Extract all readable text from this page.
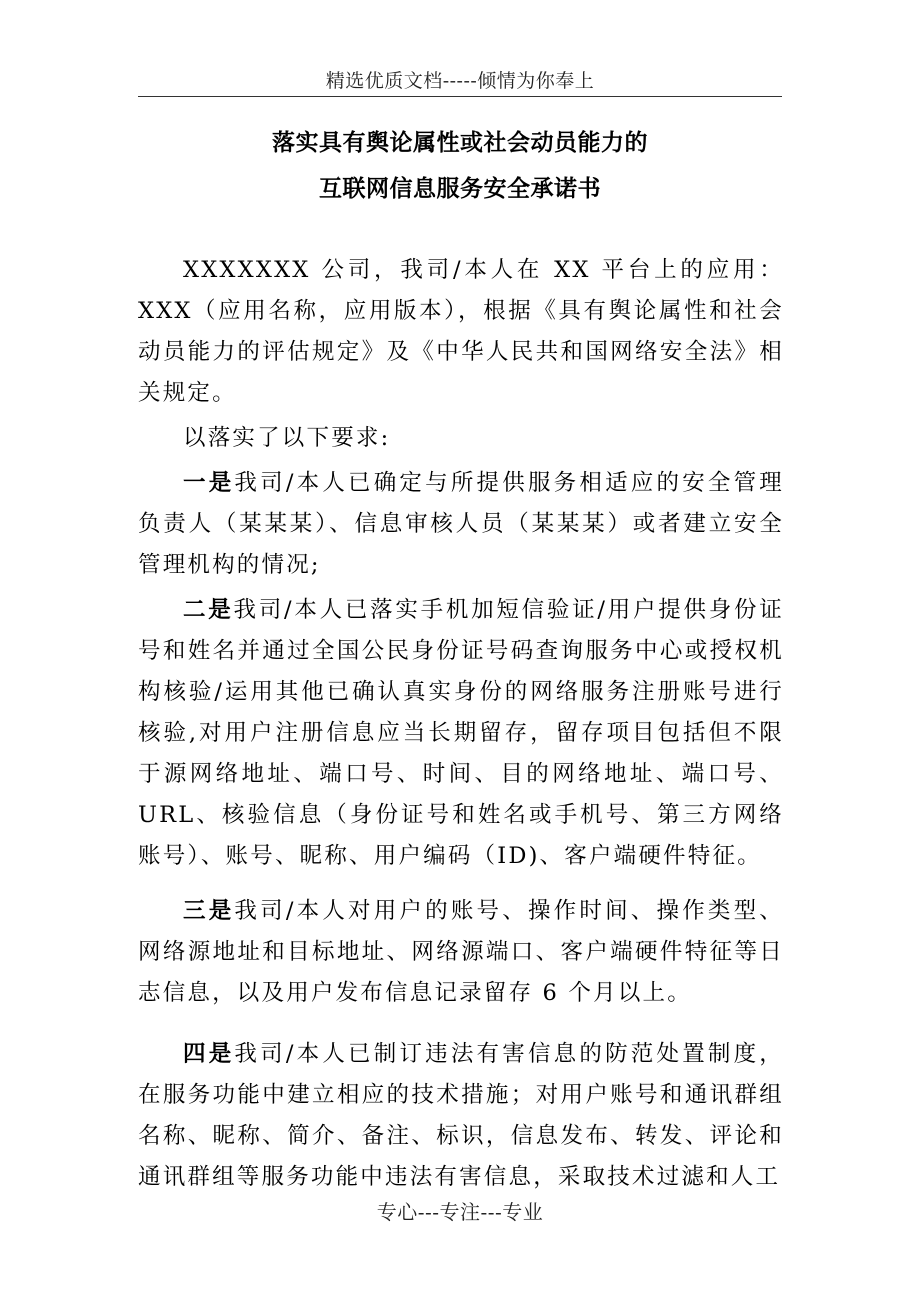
精选优质文档-----倾情为你奉上
落实具有舆论属性或社会动员能力的
互联网信息服务安全承诺书

XXXXXXX 公司，我司/本人在 XX 平台上的应用：XXX（应用名称，应用版本），根据《具有舆论属性和社会动员能力的评估规定》及《中华人民共和国网络安全法》相关规定。

以落实了以下要求:

一是我司/本人已确定与所提供服务相适应的安全管理负责人（某某某）、信息审核人员（某某某）或者建立安全管理机构的情况;

二是我司/本人已落实手机加短信验证/用户提供身份证号和姓名并通过全国公民身份证号码查询服务中心或授权机构核验/运用其他已确认真实身份的网络服务注册账号进行核验,对用户注册信息应当长期留存，留存项目包括但不限于源网络地址、端口号、时间、目的网络地址、端口号、URL、核验信息（身份证号和姓名或手机号、第三方网络账号）、账号、昵称、用户编码（ID)、客户端硬件特征。

三是我司/本人对用户的账号、操作时间、操作类型、网络源地址和目标地址、网络源端口、客户端硬件特征等日志信息，以及用户发布信息记录留存 6 个月以上。

四是我司/本人已制订违法有害信息的防范处置制度，在服务功能中建立相应的技术措施；对用户账号和通讯群组名称、昵称、简介、备注、标识，信息发布、转发、评论和通讯群组等服务功能中违法有害信息，采取技术过滤和人工

专心---专注---专业
